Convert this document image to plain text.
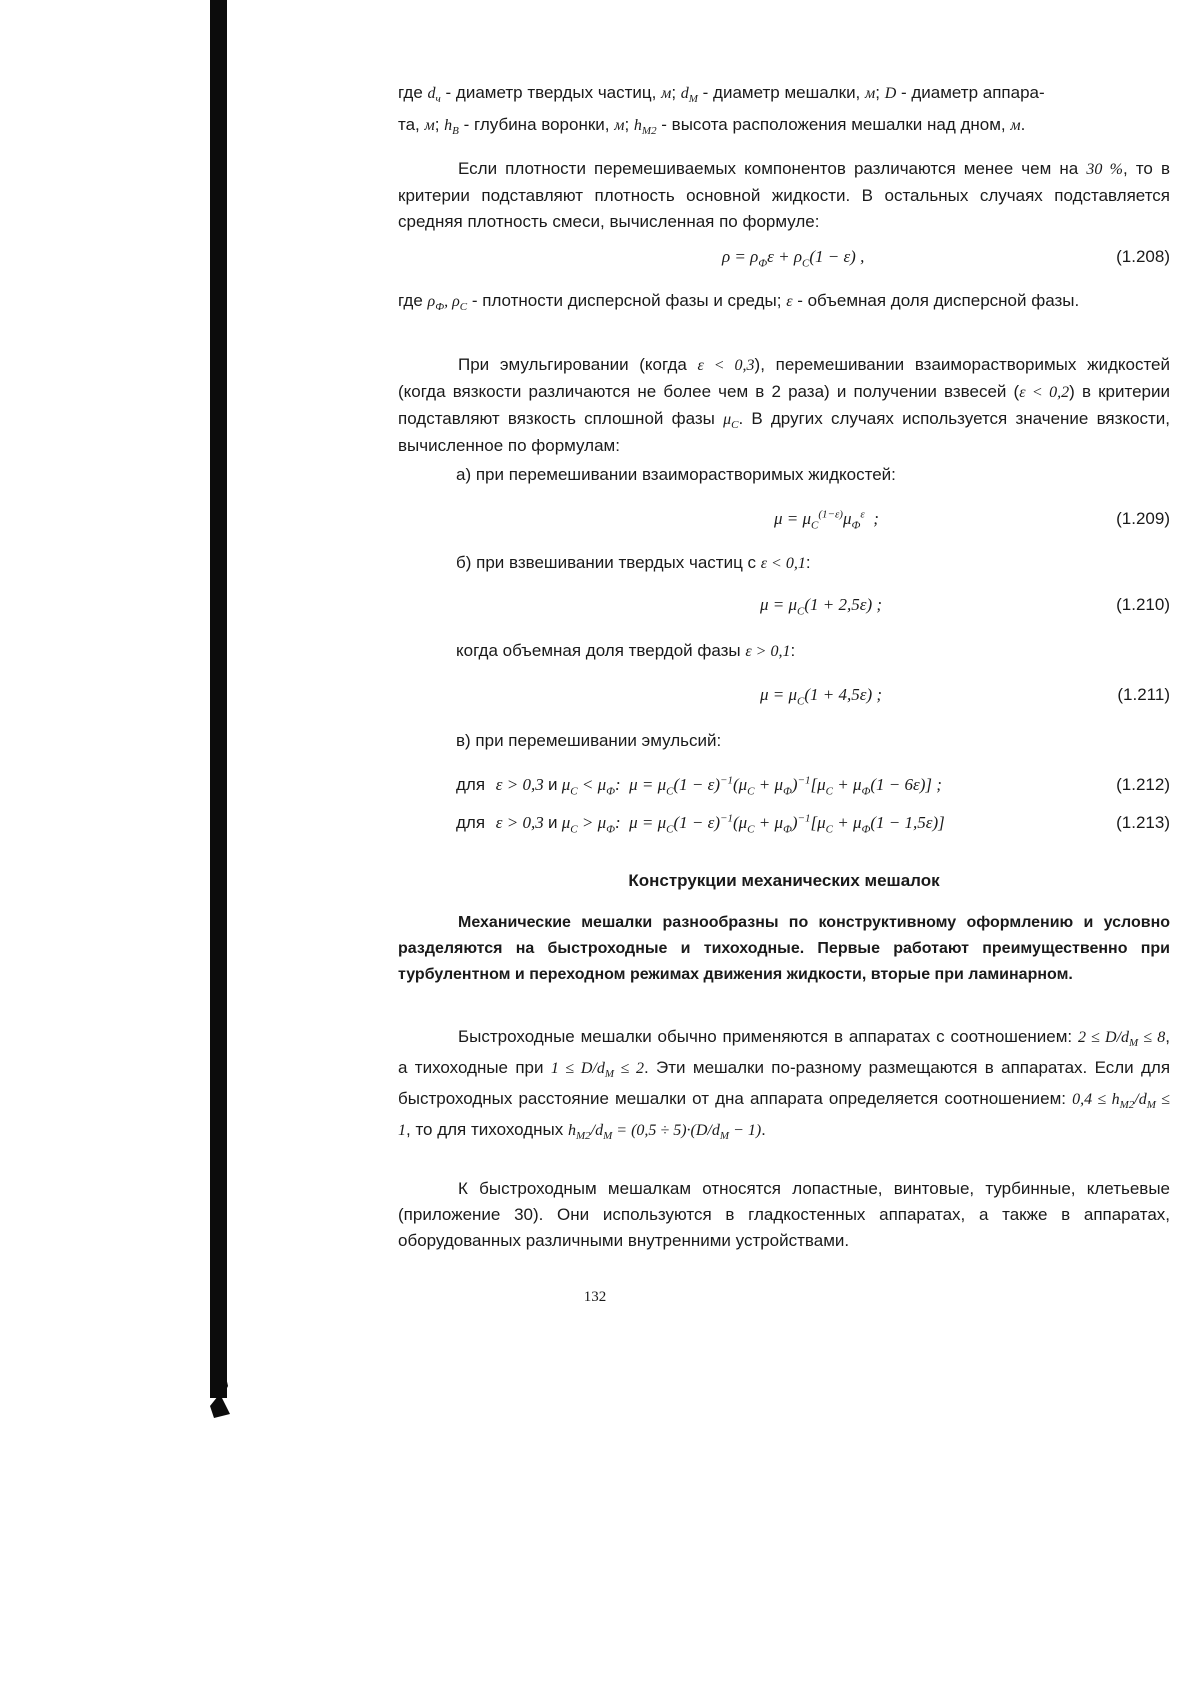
где $d_ч$ - диаметр твердых частиц, м; $d_М$ - диаметр мешалки, м; D - диаметр аппара-
та, м; $h_В$ - глубина воронки, м; $h_{М2}$ - высота расположения мешалки над дном, м.

Если плотности перемешиваемых компонентов различаются менее чем на 30 %, то в критерии подставляют плотность основной жидкости. В остальных случаях подставляется средняя плотность смеси, вычисленная по формуле:

$\rho = \rho_Ф\varepsilon + \rho_С(1 - \varepsilon)$ ,	(1.208)

где $\rho_Ф$, $\rho_С$ - плотности дисперсной фазы и среды; ε - объемная доля дисперсной фазы.

При эмульгировании (когда ε < 0,3), перемешивании взаиморастворимых жидкостей (когда вязкости различаются не более чем в 2 раза) и получении взвесей (ε < 0,2) в критерии подставляют вязкость сплошной фазы $\mu_С$. В других случаях используется значение вязкости, вычисленное по формулам:

а) при перемешивании взаиморастворимых жидкостей:
$\mu = \mu_С^{(1-\varepsilon)}\mu_Ф^\varepsilon$  ;	(1.209)
б) при взвешивании твердых частиц с ε < 0,1:
$\mu = \mu_С(1 + 2,5\varepsilon)$ ;	(1.210)
когда объемная доля твердой фазы ε > 0,1:
$\mu = \mu_С(1 + 4,5\varepsilon)$ ;	(1.211)
в) при перемешивании эмульсий:
для ε > 0,3 и $\mu_С < \mu_Ф$:  $\mu = \mu_С(1 - \varepsilon)^{-1}(\mu_С + \mu_Ф)^{-1}[\mu_С + \mu_Ф(1 - 6\varepsilon)]$ ;	(1.212)
для ε > 0,3 и $\mu_С > \mu_Ф$:  $\mu = \mu_С(1 - \varepsilon)^{-1}(\mu_С + \mu_Ф)^{-1}[\mu_С + \mu_Ф(1 - 1,5\varepsilon)]$	(1.213)
Конструкции механических мешалок

Механические мешалки разнообразны по конструктивному оформлению и условно разделяются на быстроходные и тихоходные. Первые работают преимущественно при турбулентном и переходном режимах движения жидкости, вторые при ламинарном.

Быстроходные мешалки обычно применяются в аппаратах с соотношением: $2 \le D/d_М \le 8$, а тихоходные при $1 \le D/d_М \le 2$. Эти мешалки по-разному размещаются в аппаратах. Если для быстроходных расстояние мешалки от дна аппарата определяется соотношением: $0,4 \le h_{М2}/d_М \le 1$, то для тихоходных $h_{М2}/d_М = (0,5 \div 5)\cdot(D/d_М - 1)$.

К быстроходным мешалкам относятся лопастные, винтовые, турбинные, клетьевые (приложение 30). Они используются в гладкостенных аппаратах, а также в аппаратах, оборудованных различными внутренними устройствами.

132
